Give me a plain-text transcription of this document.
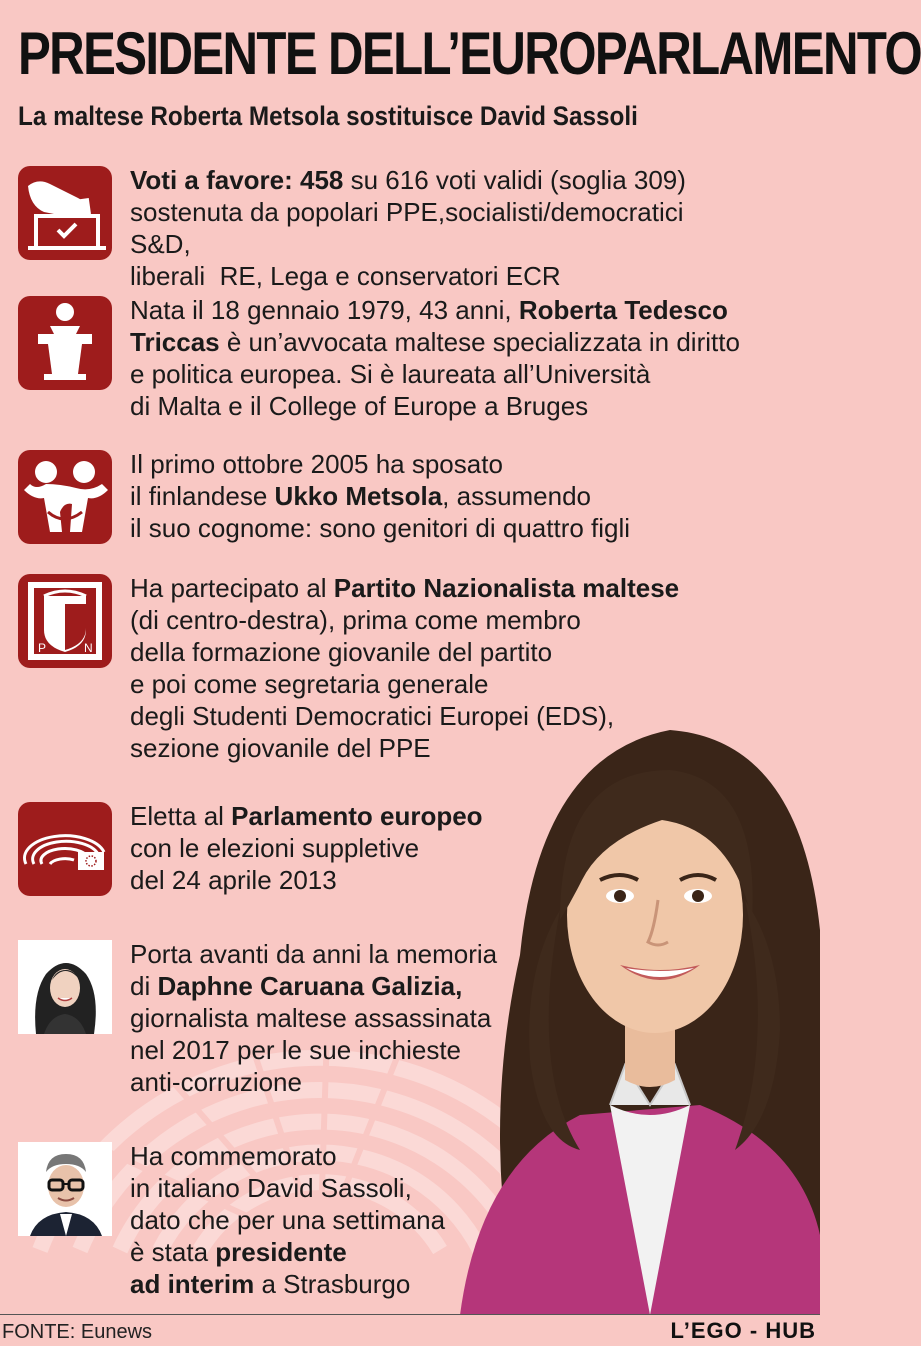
PRESIDENTE DELL’EUROPARLAMENTO
La maltese Roberta Metsola sostituisce David Sassoli
Voti a favore: 458 su 616 voti validi (soglia 309)
sostenuta da popolari PPE,socialisti/democratici S&D,
liberali  RE, Lega e conservatori ECR
Nata il 18 gennaio 1979, 43 anni, Roberta Tedesco
Triccas è un’avvocata maltese specializzata in diritto
e politica europea. Si è laureata all’Università
di Malta e il College of Europe a Bruges
Il primo ottobre 2005 ha sposato
il finlandese Ukko Metsola, assumendo
il suo cognome: sono genitori di quattro figli
P	N
Ha partecipato al Partito Nazionalista maltese
(di centro-destra), prima come membro
della formazione giovanile del partito
e poi come segretaria generale
degli Studenti Democratici Europei (EDS),
sezione giovanile del PPE
Eletta al Parlamento europeo
con le elezioni suppletive
del 24 aprile 2013
Porta avanti da anni la memoria
di Daphne Caruana Galizia,
giornalista maltese assassinata
nel 2017 per le sue inchieste
anti-corruzione
Ha commemorato
in italiano David Sassoli,
dato che per una settimana
è stata presidente
ad interim a Strasburgo
FONTE: Eunews	L’EGO - HUB
